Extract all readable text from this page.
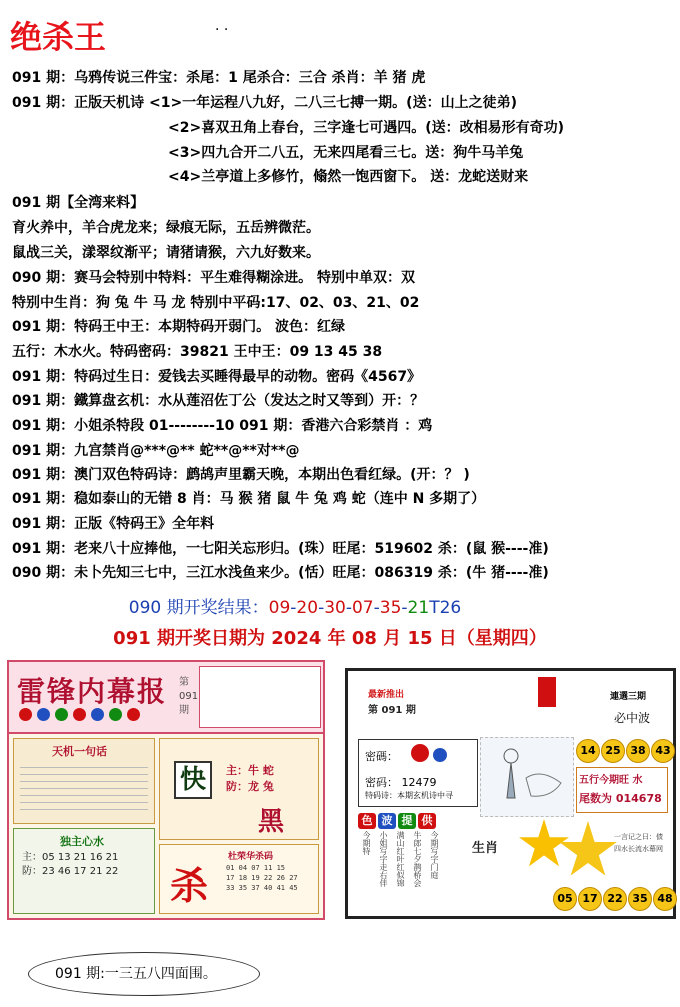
绝杀王	· ·
091 期：乌鸦传说三件宝：杀尾：1 尾杀合：三合 杀肖：羊 猪 虎
091 期：正版天机诗 <1>一年运程八九好，二八三七搏一期。(送：山上之徒弟)
<2>喜双丑角上春台，三字逢七可遇四。(送：改相易形有奇功)
<3>四九合开二八五，无来四尾看三七。送：狗牛马羊兔
<4>兰亭道上多修竹，翛然一饱西窗下。 送：龙蛇送财来
091 期【全湾来料】
育火养中，羊合虎龙来；绿痕无际，五岳辨微茫。
鼠战三关，漾翠纹渐平；请猪请猴，六九好数来。
090 期：赛马会特别中特料：平生难得糊涂进。 特别中单双：双
特别中生肖：狗 兔 牛 马 龙 特别中平码:17、02、03、21、02
091 期：特码王中王：本期特码开弱门。 波色：红绿
五行：木水火。特码密码：39821 王中王：09 13 45 38
091 期：特码过生日：爱钱去买睡得最早的动物。密码《4567》
091 期：鐵算盘玄机：水从莲沼佐丁公（发达之时又等到）开：？
091 期：小姐杀特段 01--------10 091 期：香港六合彩禁肖 ：鸡
091 期：九宫禁肖@***@** 蛇**@**对**@
091 期：澳门双色特码诗：鹧鸪声里霸天晚，本期出色看红绿。(开：？ )
091 期：稳如泰山的无错 8 肖：马 猴 猪 鼠 牛 兔 鸡 蛇（连中 N 多期了）
091 期：正版《特码王》全年料
091 期：老来八十应捧他，一七阳关忘形归。(珠）旺尾：519602 杀：(鼠 猴----准)
090 期：未卜先知三七中，三江水浅鱼来少。(恬）旺尾：086319 杀：(牛 猪----准)
090 期开奖结果：09-20-30-07-35-21T26
091 期开奖日期为 2024 年 08 月 15 日（星期四）
雷锋内幕报 第091期
天机一句话
独主心水
主：05 13 21 16 21
防：23 46 17 21 22
快	主：牛 蛇
防：龙 兔
黑
杀
杜荣华杀码
01 04 07 11 15
17 18 19 22 26 27
33 35 37 40 41 45
最新推出
第 091 期
連選三期
必中波
密碼：
密码： 12479
特码诗：本期玄机诗中寻
14 25 38 43
五行今期旺 水
尾数为 014678
色 波 提 供
今期特 小姐写字走右伴 满山红叶红似锦 牛郎七夕鹊桥会 今期写字门庭	生肖
一言记之曰：债
四水长流水幕网
05 17 22 35 48
091 期:一三五八四面围。
